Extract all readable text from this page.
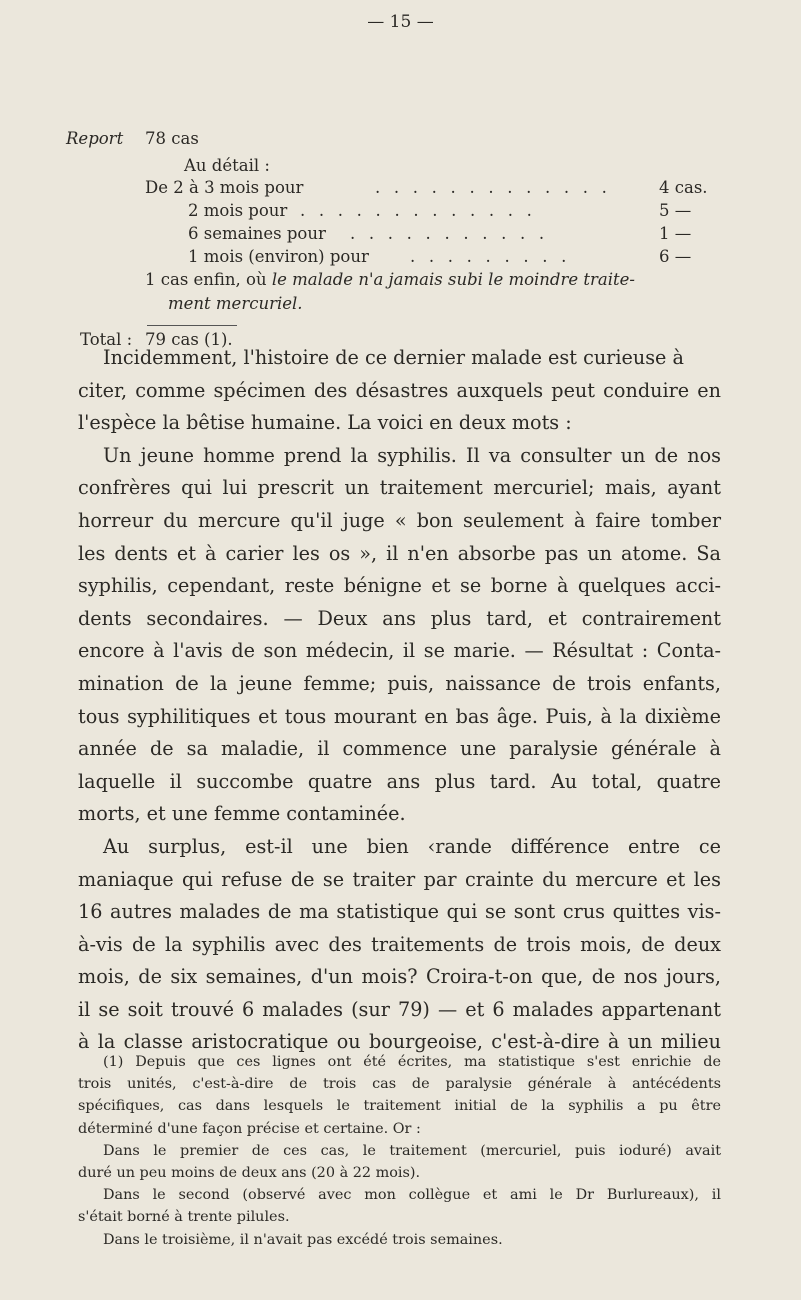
— 15 —
Report 78 cas
Au détail :
De 2 à 3 mois pour	. . . . . . . . . . . . .	4 cas.
2 mois pour . . . . . . . . . . . . .	5 —
6 semaines pour . . . . . . . . . . .	1 —
1 mois (environ) pour . . . . . . . . .	6 —
1 cas enfin, où le malade n'a jamais subi le moindre traite-
ment mercuriel.
Total : 79 cas (1).

Incidemment, l'histoire de ce dernier malade est curieuse à

citer, comme spécimen des désastres auxquels peut conduire en

l'espèce la bêtise humaine. La voici en deux mots :

Un jeune homme prend la syphilis. Il va consulter un de nos

confrères qui lui prescrit un traitement mercuriel; mais, ayant

horreur du mercure qu'il juge « bon seulement à faire tomber

les dents et à carier les os », il n'en absorbe pas un atome. Sa

syphilis, cependant, reste bénigne et se borne à quelques acci-

dents secondaires. — Deux ans plus tard, et contrairement

encore à l'avis de son médecin, il se marie. — Résultat : Conta-

mination de la jeune femme; puis, naissance de trois enfants,

tous syphilitiques et tous mourant en bas âge. Puis, à la dixième

année de sa maladie, il commence une paralysie générale à

laquelle il succombe quatre ans plus tard. Au total, quatre

morts, et une femme contaminée.

Au surplus, est-il une bien ‹rande différence entre ce

maniaque qui refuse de se traiter par crainte du mercure et les

16 autres malades de ma statistique qui se sont crus quittes vis-

à-vis de la syphilis avec des traitements de trois mois, de deux

mois, de six semaines, d'un mois? Croira-t-on que, de nos jours,

il se soit trouvé 6 malades (sur 79) — et 6 malades appartenant

à la classe aristocratique ou bourgeoise, c'est-à-dire à un milieu

(1) Depuis que ces lignes ont été écrites, ma statistique s'est enrichie de

trois unités, c'est-à-dire de trois cas de paralysie générale à antécédents

spécifiques, cas dans lesquels le traitement initial de la syphilis a pu être

déterminé d'une façon précise et certaine. Or :

Dans le premier de ces cas, le traitement (mercuriel, puis ioduré) avait

duré un peu moins de deux ans (20 à 22 mois).

Dans le second (observé avec mon collègue et ami le Dr Burlureaux), il

s'était borné à trente pilules.

Dans le troisième, il n'avait pas excédé trois semaines.
